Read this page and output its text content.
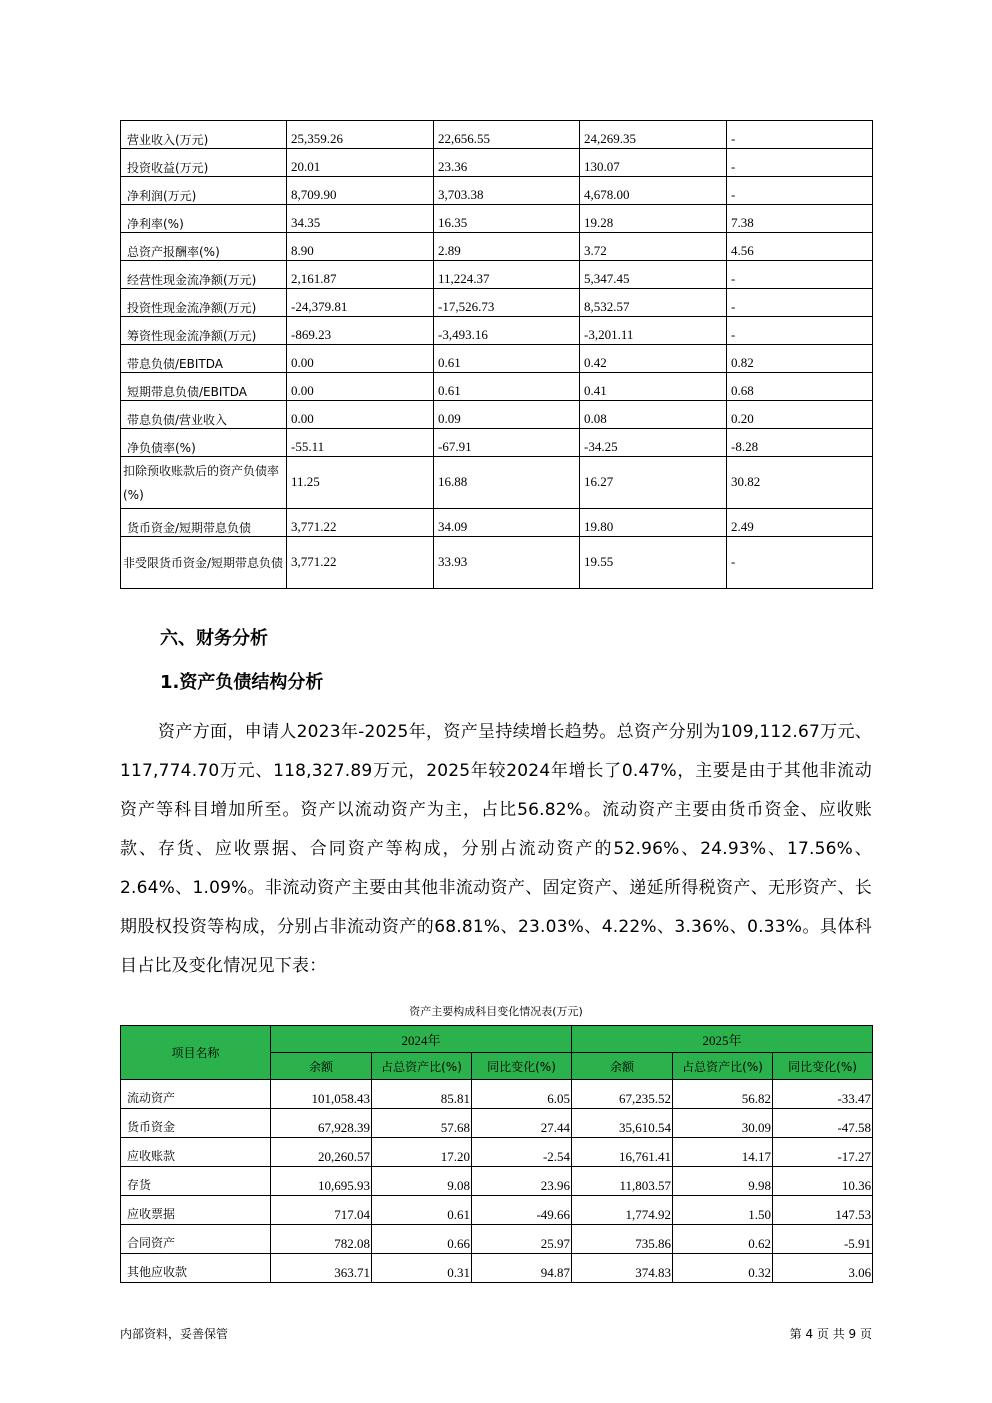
营业收入(万元)	25,359.26	22,656.55	24,269.35	-
投资收益(万元)	20.01	23.36	130.07	-
净利润(万元)	8,709.90	3,703.38	4,678.00	-
净利率(%)	34.35	16.35	19.28	7.38
总资产报酬率(%)	8.90	2.89	3.72	4.56
经营性现金流净额(万元)	2,161.87	11,224.37	5,347.45	-
投资性现金流净额(万元)	-24,379.81	-17,526.73	8,532.57	-
筹资性现金流净额(万元)	-869.23	-3,493.16	-3,201.11	-
带息负债/EBITDA	0.00	0.61	0.42	0.82
短期带息负债/EBITDA	0.00	0.61	0.41	0.68
带息负债/营业收入	0.00	0.09	0.08	0.20
净负债率(%)	-55.11	-67.91	-34.25	-8.28
扣除预收账款后的资产负债率(%)	11.25	16.88	16.27	30.82
货币资金/短期带息负债	3,771.22	34.09	19.80	2.49
非受限货币资金/短期带息负债	3,771.22	33.93	19.55	-
六、财务分析
1.资产负债结构分析
资产方面，申请人2023年-2025年，资产呈持续增长趋势。总资产分别为109,112.67万元、117,774.70万元、118,327.89万元，2025年较2024年增长了0.47%，主要是由于其他非流动资产等科目增加所至。资产以流动资产为主，占比56.82%。流动资产主要由货币资金、应收账款、存货、应收票据、合同资产等构成，分别占流动资产的52.96%、24.93%、17.56%、2.64%、1.09%。非流动资产主要由其他非流动资产、固定资产、递延所得税资产、无形资产、长期股权投资等构成，分别占非流动资产的68.81%、23.03%、4.22%、3.36%、0.33%。具体科目占比及变化情况见下表：
资产主要构成科目变化情况表(万元)
项目名称	2024年			2025年		
	余额	占总资产比(%)	同比变化(%)	余额	占总资产比(%)	同比变化(%)
流动资产	101,058.43	85.81	6.05	67,235.52	56.82	-33.47
货币资金	67,928.39	57.68	27.44	35,610.54	30.09	-47.58
应收账款	20,260.57	17.20	-2.54	16,761.41	14.17	-17.27
存货	10,695.93	9.08	23.96	11,803.57	9.98	10.36
应收票据	717.04	0.61	-49.66	1,774.92	1.50	147.53
合同资产	782.08	0.66	25.97	735.86	0.62	-5.91
其他应收款	363.71	0.31	94.87	374.83	0.32	3.06
内部资料，妥善保管	第 4 页 共 9 页
